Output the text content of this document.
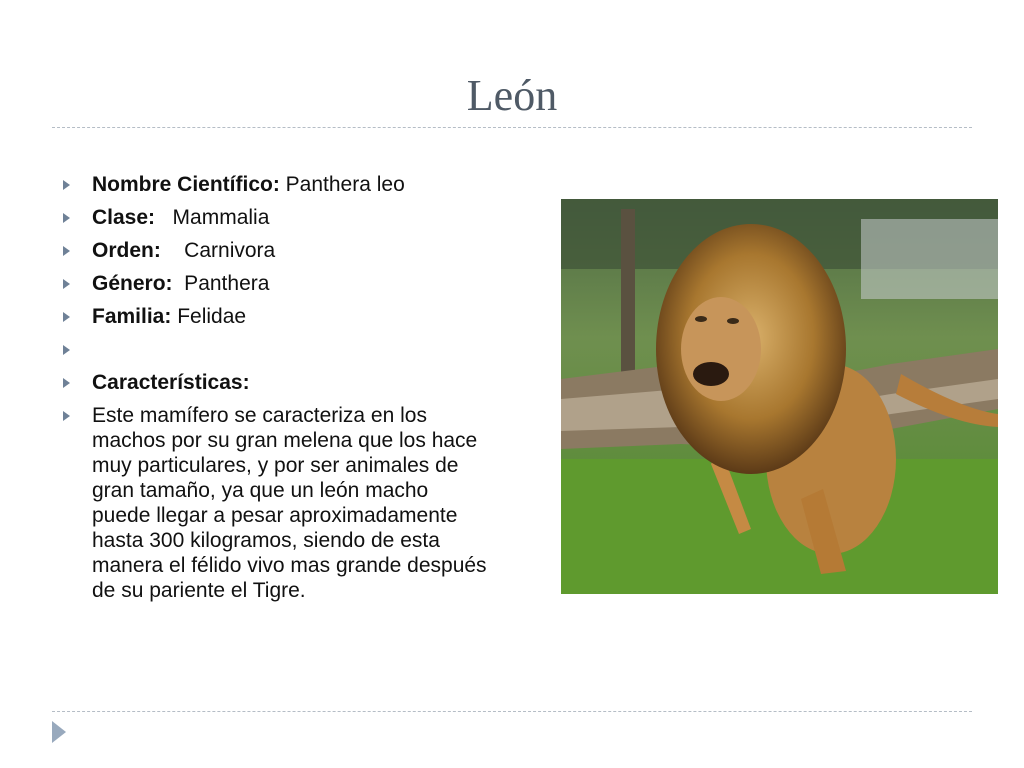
León
Nombre Científico: Panthera leo
Clase:   Mammalia
Orden:    Carnivora
Género:  Panthera
Familia: Felidae
Características:
Este mamífero se caracteriza en los machos por su gran melena que los hace muy particulares, y por ser animales de gran tamaño, ya que un león macho puede llegar a pesar aproximadamente hasta 300 kilogramos, siendo de esta manera el félido vivo mas grande después de su pariente el Tigre.
